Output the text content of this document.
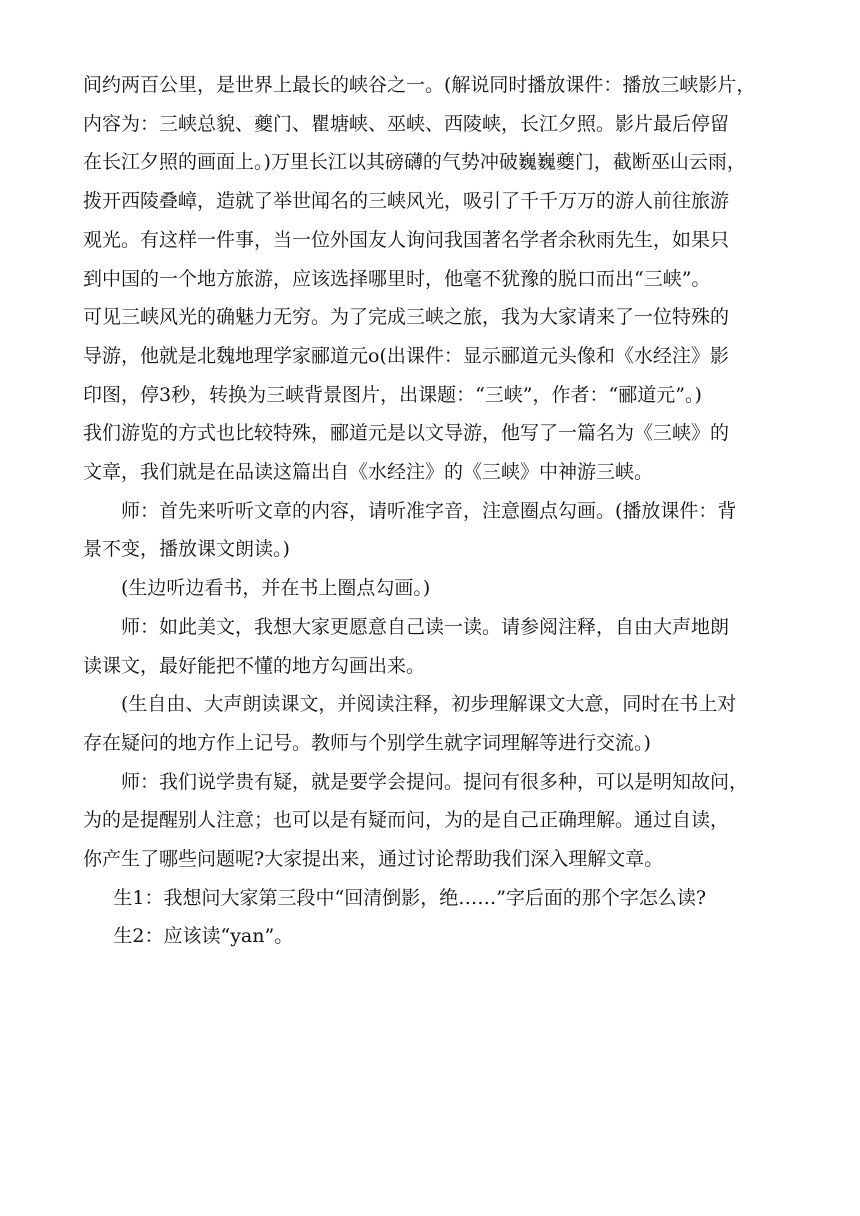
间约两百公里，是世界上最长的峡谷之一。(解说同时播放课件：播放三峡影片，
内容为：三峡总貌、夔门、瞿塘峡、巫峡、西陵峡，长江夕照。影片最后停留
在长江夕照的画面上。)万里长江以其磅礴的气势冲破巍巍夔门，截断巫山云雨，
拨开西陵叠嶂，造就了举世闻名的三峡风光，吸引了千千万万的游人前往旅游
观光。有这样一件事，当一位外国友人询问我国著名学者余秋雨先生，如果只
到中国的一个地方旅游，应该选择哪里时，他毫不犹豫的脱口而出“三峡”。
可见三峡风光的确魅力无穷。为了完成三峡之旅，我为大家请来了一位特殊的
导游，他就是北魏地理学家郦道元o(出课件：显示郦道元头像和《水经注》影
印图，停3秒，转换为三峡背景图片，出课题：“三峡”，作者：“郦道元”。)
我们游览的方式也比较特殊，郦道元是以文导游，他写了一篇名为《三峡》的
文章，我们就是在品读这篇出自《水经注》的《三峡》中神游三峡。
师：首先来听听文章的内容，请听准字音，注意圈点勾画。(播放课件：背
景不变，播放课文朗读。)
(生边听边看书，并在书上圈点勾画。)
师：如此美文，我想大家更愿意自己读一读。请参阅注释，自由大声地朗
读课文，最好能把不懂的地方勾画出来。
(生自由、大声朗读课文，并阅读注释，初步理解课文大意，同时在书上对
存在疑问的地方作上记号。教师与个别学生就字词理解等进行交流。)
师：我们说学贵有疑，就是要学会提问。提问有很多种，可以是明知故问，
为的是提醒别人注意；也可以是有疑而问，为的是自己正确理解。通过自读，
你产生了哪些问题呢?大家提出来，通过讨论帮助我们深入理解文章。
生1：我想问大家第三段中“回清倒影，绝……”字后面的那个字怎么读?
生2：应该读“yan”。
